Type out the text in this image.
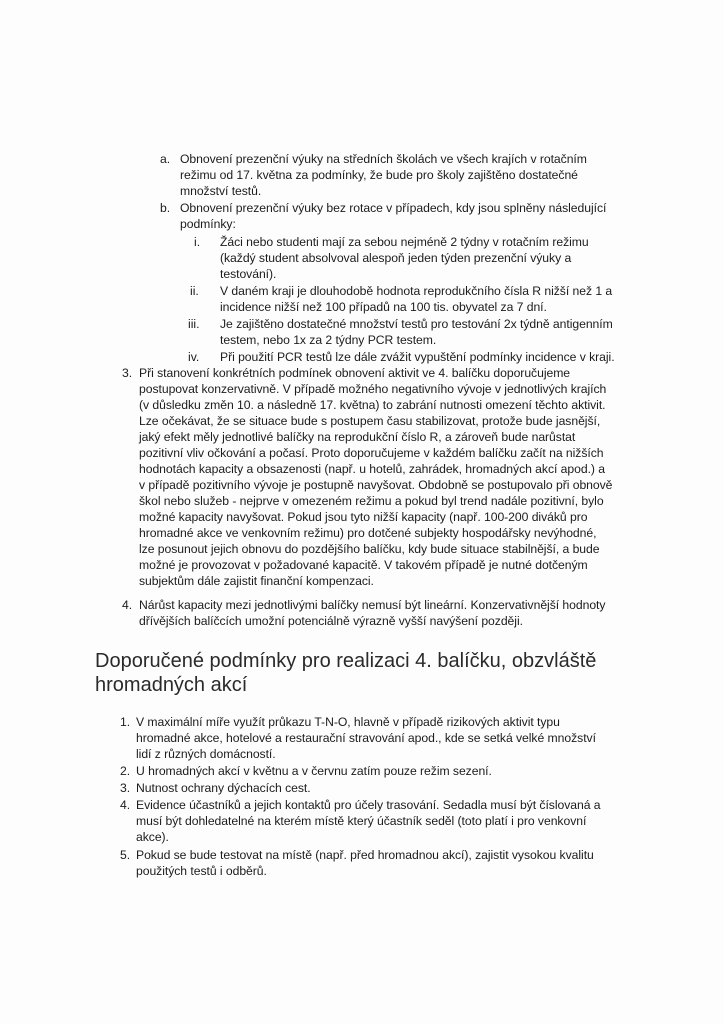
a. Obnovení prezenční výuky na středních školách ve všech krajích v rotačním
režimu od 17. května za podmínky, že bude pro školy zajištěno dostatečné
množství testů.
b. Obnovení prezenční výuky bez rotace v případech, kdy jsou splněny následující
podmínky:
i. Žáci nebo studenti mají za sebou nejméně 2 týdny v rotačním režimu
(každý student absolvoval alespoň jeden týden prezenční výuky a
testování).
ii. V daném kraji je dlouhodobě hodnota reprodukčního čísla R nižší než 1 a
incidence nižší než 100 případů na 100 tis. obyvatel za 7 dní.
iii. Je zajištěno dostatečné množství testů pro testování 2x týdně antigenním
testem, nebo 1x za 2 týdny PCR testem.
iv. Při použití PCR testů lze dále zvážit vypuštění podmínky incidence v kraji.
3. Při stanovení konkrétních podmínek obnovení aktivit ve 4. balíčku doporučujeme
postupovat konzervativně. V případě možného negativního vývoje v jednotlivých krajích
(v důsledku změn 10. a následně 17. května) to zabrání nutnosti omezení těchto aktivit.
Lze očekávat, že se situace bude s postupem času stabilizovat, protože bude jasnější,
jaký efekt měly jednotlivé balíčky na reprodukční číslo R, a zároveň bude narůstat
pozitivní vliv očkování a počasí. Proto doporučujeme v každém balíčku začít na nižších
hodnotách kapacity a obsazenosti (např. u hotelů, zahrádek, hromadných akcí apod.) a
v případě pozitivního vývoje je postupně navyšovat. Obdobně se postupovalo při obnově
škol nebo služeb - nejprve v omezeném režimu a pokud byl trend nadále pozitivní, bylo
možné kapacity navyšovat. Pokud jsou tyto nižší kapacity (např. 100-200 diváků pro
hromadné akce ve venkovním režimu) pro dotčené subjekty hospodářsky nevýhodné,
lze posunout jejich obnovu do pozdějšího balíčku, kdy bude situace stabilnější, a bude
možné je provozovat v požadované kapacitě. V takovém případě je nutné dotčeným
subjektům dále zajistit finanční kompenzaci.
4. Nárůst kapacity mezi jednotlivými balíčky nemusí být lineární. Konzervativnější hodnoty
dřívějších balíčcích umožní potenciálně výrazně vyšší navýšení později.
Doporučené podmínky pro realizaci 4. balíčku, obzvláště
hromadných akcí
1. V maximální míře využít průkazu T-N-O, hlavně v případě rizikových aktivit typu
hromadné akce, hotelové a restaurační stravování apod., kde se setká velké množství
lidí z různých domácností.
2. U hromadných akcí v květnu a v červnu zatím pouze režim sezení.
3. Nutnost ochrany dýchacích cest.
4. Evidence účastníků a jejich kontaktů pro účely trasování. Sedadla musí být číslovaná a
musí být dohledatelné na kterém místě který účastník seděl (toto platí i pro venkovní
akce).
5. Pokud se bude testovat na místě (např. před hromadnou akcí), zajistit vysokou kvalitu
použitých testů i odběrů.
